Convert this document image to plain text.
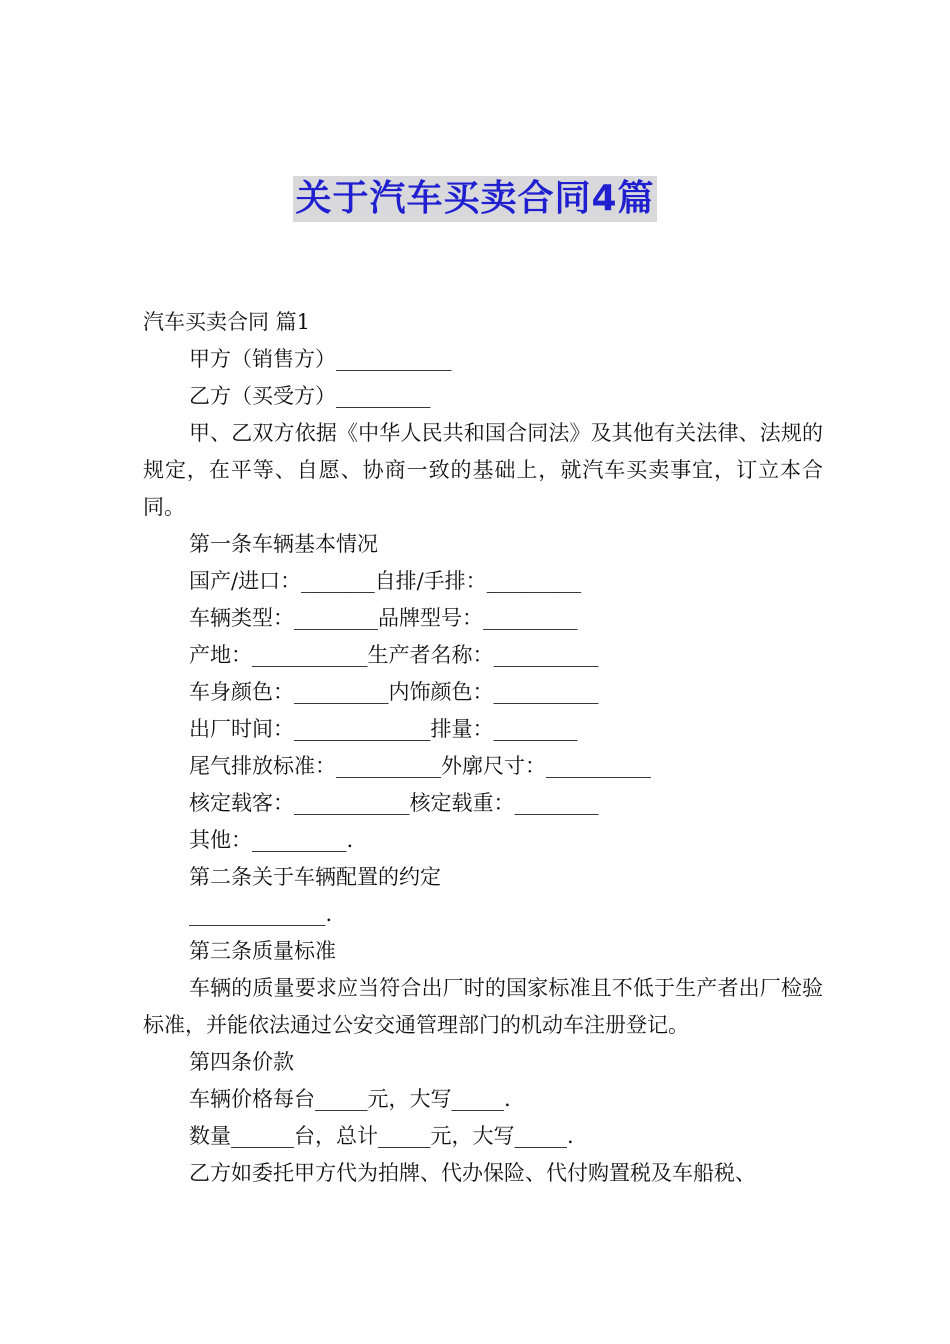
关于汽车买卖合同4篇
汽车买卖合同 篇1
甲方（销售方）___________
乙方（买受方）_________
甲、乙双方依据《中华人民共和国合同法》及其他有关法律、法规的规定，在平等、自愿、协商一致的基础上，就汽车买卖事宜，订立本合同。
第一条车辆基本情况
国产/进口：_______自排/手排：_________
车辆类型：________品牌型号：_________
产地：___________生产者名称：__________
车身颜色：_________内饰颜色：__________
出厂时间：_____________排量：________
尾气排放标准：__________外廓尺寸：__________
核定载客：___________核定载重：________
其他：_________.
第二条关于车辆配置的约定
_____________.
第三条质量标准
车辆的质量要求应当符合出厂时的国家标准且不低于生产者出厂检验标准，并能依法通过公安交通管理部门的机动车注册登记。
第四条价款
车辆价格每台_____元，大写_____.
数量______台，总计_____元，大写_____.
乙方如委托甲方代为拍牌、代办保险、代付购置税及车船税、
